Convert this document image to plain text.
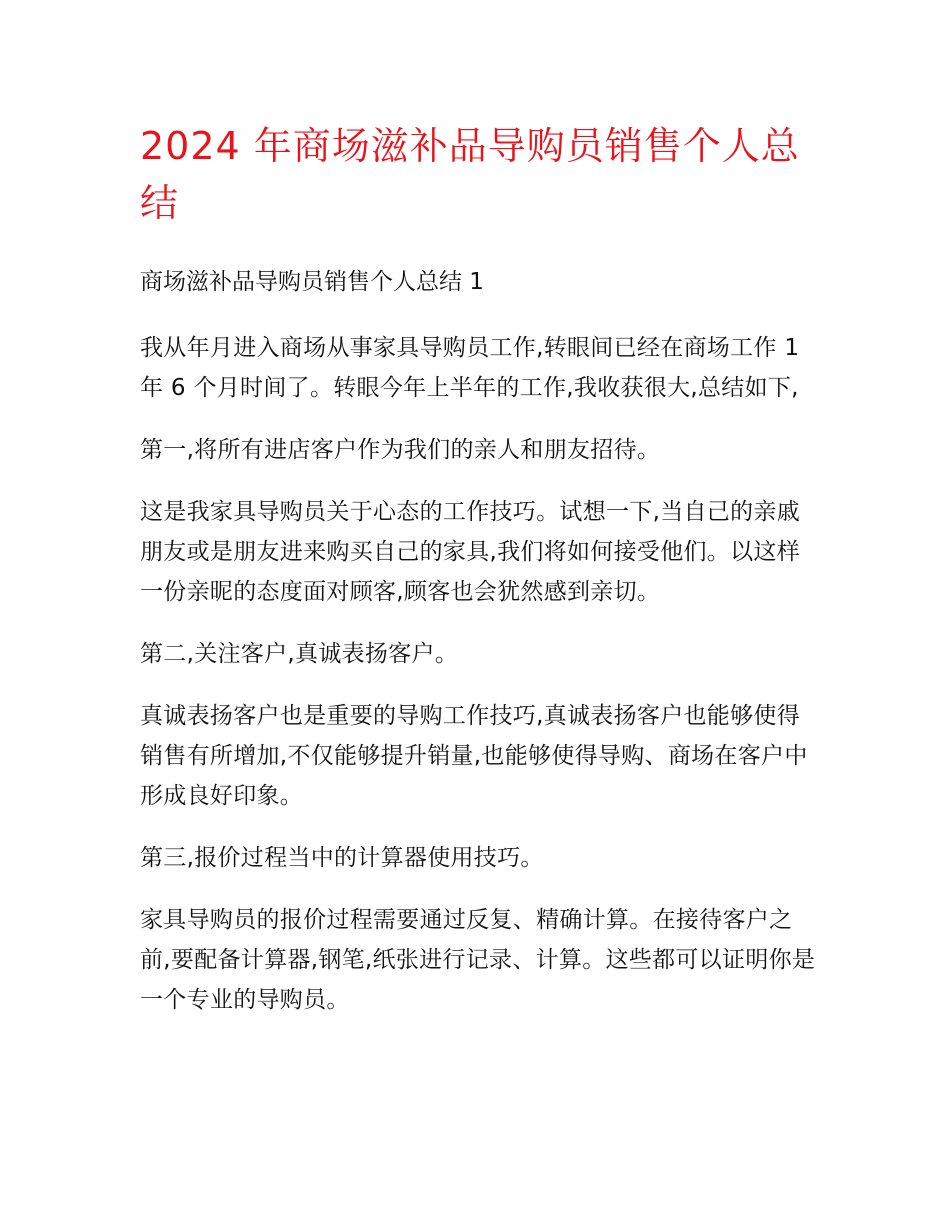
2024 年商场滋补品导购员销售个人总结

商场滋补品导购员销售个人总结 1

我从年月进入商场从事家具导购员工作,转眼间已经在商场工作 1 年 6 个月时间了。转眼今年上半年的工作,我收获很大,总结如下,

第一,将所有进店客户作为我们的亲人和朋友招待。

这是我家具导购员关于心态的工作技巧。试想一下,当自己的亲戚朋友或是朋友进来购买自己的家具,我们将如何接受他们。以这样一份亲昵的态度面对顾客,顾客也会犹然感到亲切。

第二,关注客户,真诚表扬客户。

真诚表扬客户也是重要的导购工作技巧,真诚表扬客户也能够使得销售有所增加,不仅能够提升销量,也能够使得导购、商场在客户中形成良好印象。

第三,报价过程当中的计算器使用技巧。

家具导购员的报价过程需要通过反复、精确计算。在接待客户之前,要配备计算器,钢笔,纸张进行记录、计算。这些都可以证明你是一个专业的导购员。
